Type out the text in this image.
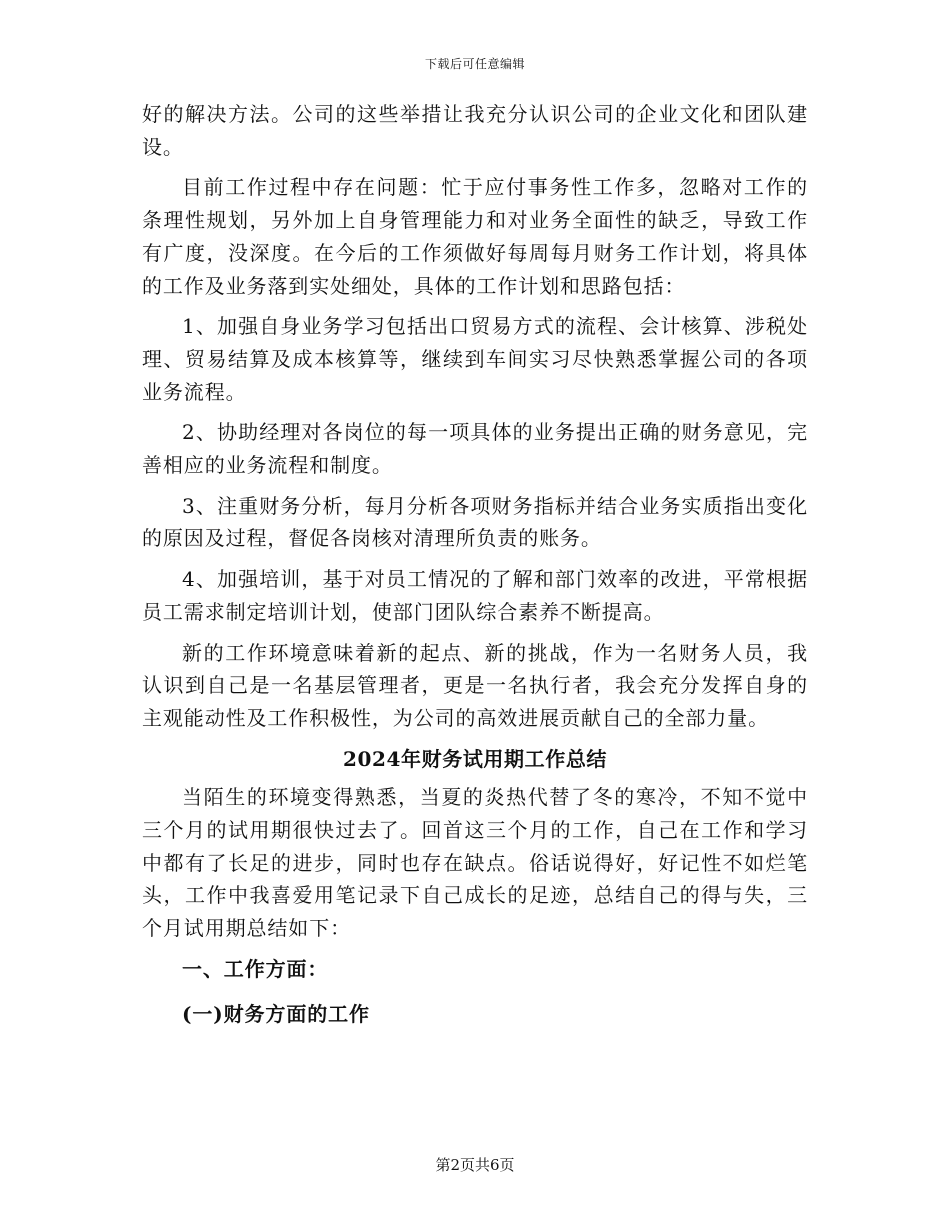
下载后可任意编辑

好的解决方法。公司的这些举措让我充分认识公司的企业文化和团队建设。

目前工作过程中存在问题：忙于应付事务性工作多，忽略对工作的条理性规划，另外加上自身管理能力和对业务全面性的缺乏，导致工作有广度，没深度。在今后的工作须做好每周每月财务工作计划，将具体的工作及业务落到实处细处，具体的工作计划和思路包括：

1、加强自身业务学习包括出口贸易方式的流程、会计核算、涉税处理、贸易结算及成本核算等，继续到车间实习尽快熟悉掌握公司的各项业务流程。

2、协助经理对各岗位的每一项具体的业务提出正确的财务意见，完善相应的业务流程和制度。

3、注重财务分析，每月分析各项财务指标并结合业务实质指出变化的原因及过程，督促各岗核对清理所负责的账务。

4、加强培训，基于对员工情况的了解和部门效率的改进，平常根据员工需求制定培训计划，使部门团队综合素养不断提高。

新的工作环境意味着新的起点、新的挑战，作为一名财务人员，我认识到自己是一名基层管理者，更是一名执行者，我会充分发挥自身的主观能动性及工作积极性，为公司的高效进展贡献自己的全部力量。

2024年财务试用期工作总结

当陌生的环境变得熟悉，当夏的炎热代替了冬的寒冷，不知不觉中三个月的试用期很快过去了。回首这三个月的工作，自己在工作和学习中都有了长足的进步，同时也存在缺点。俗话说得好，好记性不如烂笔头，工作中我喜爱用笔记录下自己成长的足迹，总结自己的得与失，三个月试用期总结如下：

一、工作方面：
(一)财务方面的工作
第2页共6页
